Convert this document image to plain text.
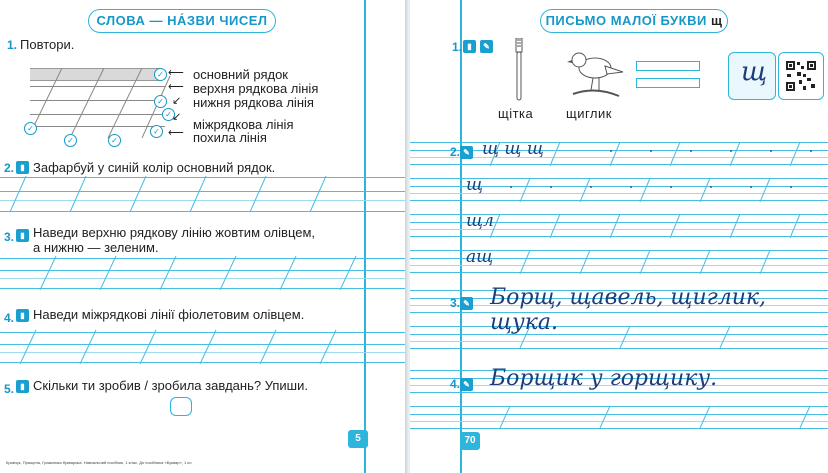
СЛОВА — НА́ЗВИ ЧИСЕЛ
1. Повтори.
✓
✓
✓
✓
✓	✓
✓
⟵
⟵
↙
↙
⟵
основний рядок
верхня рядкова лінія
нижня рядкова лінія
міжрядкова лінія
похила лінія
2. ▮ Зафарбуй у синій колір основний рядок.
3. ▮ Наведи верхню рядкову лінію жовтим олівцем,
а нижню — зеленим.
4. ▮ Наведи міжрядкові лінії фіолетовим олівцем.
5. ▮ Скільки ти зробив / зробила завдань? Упиши.
5
Кравчук, Прищепа, Граматика букварика. Навчальний посібник, 1 клас. До посібника «Буквар», 1 кл.
ПИСЬМО МАЛОЇ БУКВИ щ
1. ▮	✎
щітка	щиглик
щ
2. ✎ щ щ щ
щ
щл
ащ
3. ✎ Борщ, щавель, щиглик, щука.
4. ✎ Борщик у горщику.
70
